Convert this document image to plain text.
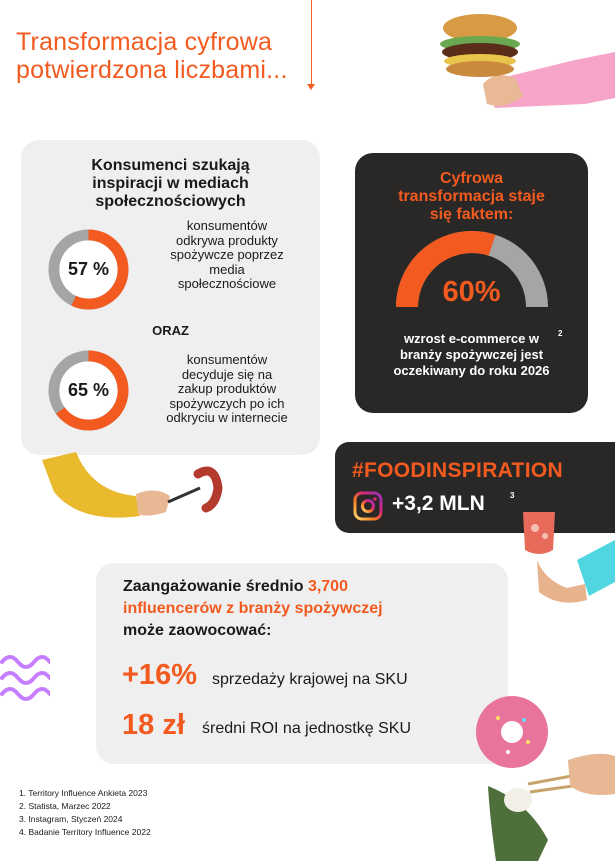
Transformacja cyfrowa
potwierdzona liczbami...
Konsumenci szukają
inspiracji w mediach
społecznościowych
57 %
konsumentów
odkrywa produkty
spożywcze poprzez
media
społecznościowe
ORAZ
65 %
konsumentów
decyduje się na
zakup produktów
spożywczych po ich
odkryciu w internecie
Cyfrowa
transformacja staje
się faktem:
60%
wzrost e-commerce w
branży spożywczej jest
oczekiwany do roku 2026
2
#FOODINSPIRATION
+3,2 MLN	3
Zaangażowanie średnio 3,700
influencerów z branży spożywczej
może zaowocować:
+16% sprzedaży krajowej na SKU
18 zł średni ROI na jednostkę SKU
1. Territory Influence Ankieta 2023
2. Statista, Marzec 2022
3. Instagram, Styczeń 2024
4. Badanie Territory Influence 2022
